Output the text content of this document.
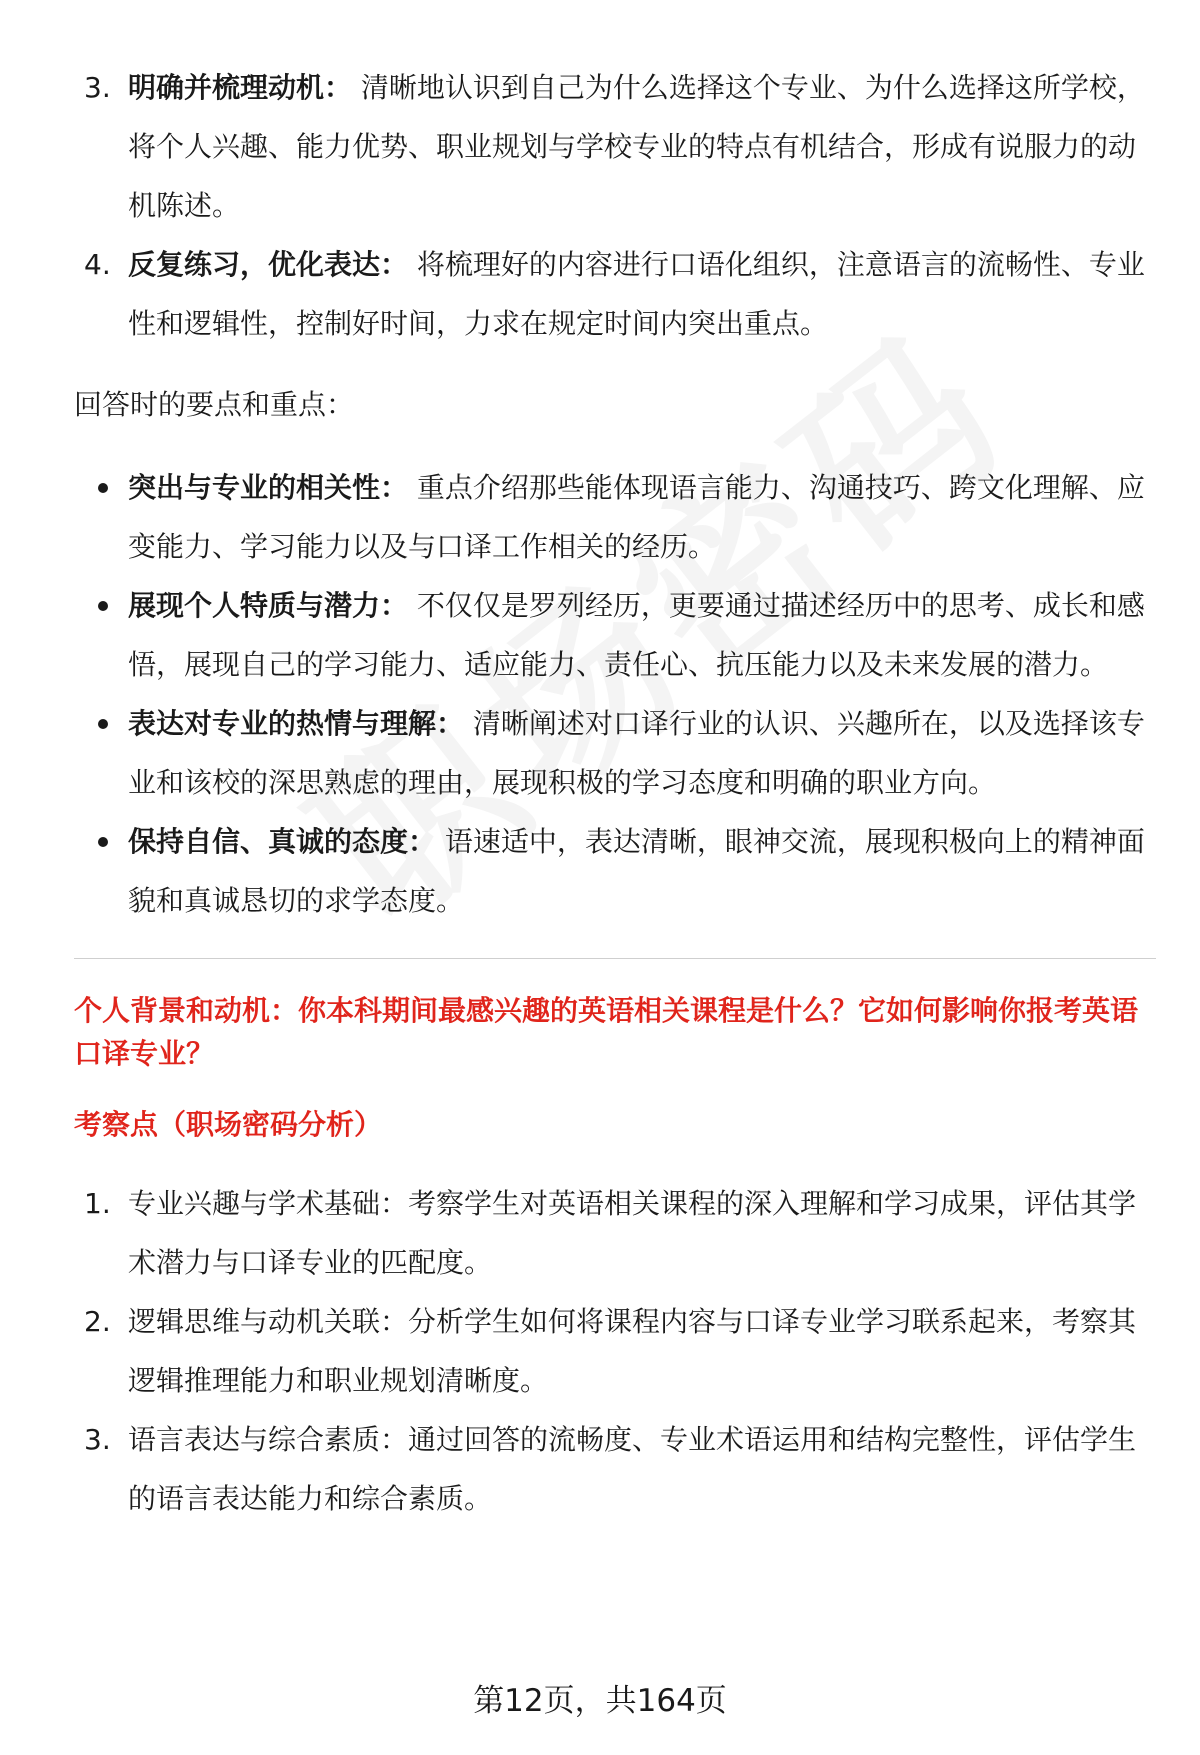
3. 明确并梳理动机： 清晰地认识到自己为什么选择这个专业、为什么选择这所学校，将个人兴趣、能力优势、职业规划与学校专业的特点有机结合，形成有说服力的动机陈述。
4. 反复练习，优化表达： 将梳理好的内容进行口语化组织，注意语言的流畅性、专业性和逻辑性，控制好时间，力求在规定时间内突出重点。
回答时的要点和重点：
突出与专业的相关性： 重点介绍那些能体现语言能力、沟通技巧、跨文化理解、应变能力、学习能力以及与口译工作相关的经历。
展现个人特质与潜力： 不仅仅是罗列经历，更要通过描述经历中的思考、成长和感悟，展现自己的学习能力、适应能力、责任心、抗压能力以及未来发展的潜力。
表达对专业的热情与理解： 清晰阐述对口译行业的认识、兴趣所在，以及选择该专业和该校的深思熟虑的理由，展现积极的学习态度和明确的职业方向。
保持自信、真诚的态度： 语速适中，表达清晰，眼神交流，展现积极向上的精神面貌和真诚恳切的求学态度。
个人背景和动机：你本科期间最感兴趣的英语相关课程是什么？它如何影响你报考英语口译专业？
考察点（职场密码分析）
1. 专业兴趣与学术基础：考察学生对英语相关课程的深入理解和学习成果，评估其学术潜力与口译专业的匹配度。
2. 逻辑思维与动机关联：分析学生如何将课程内容与口译专业学习联系起来，考察其逻辑推理能力和职业规划清晰度。
3. 语言表达与综合素质：通过回答的流畅度、专业术语运用和结构完整性，评估学生的语言表达能力和综合素质。
第12页，共164页
